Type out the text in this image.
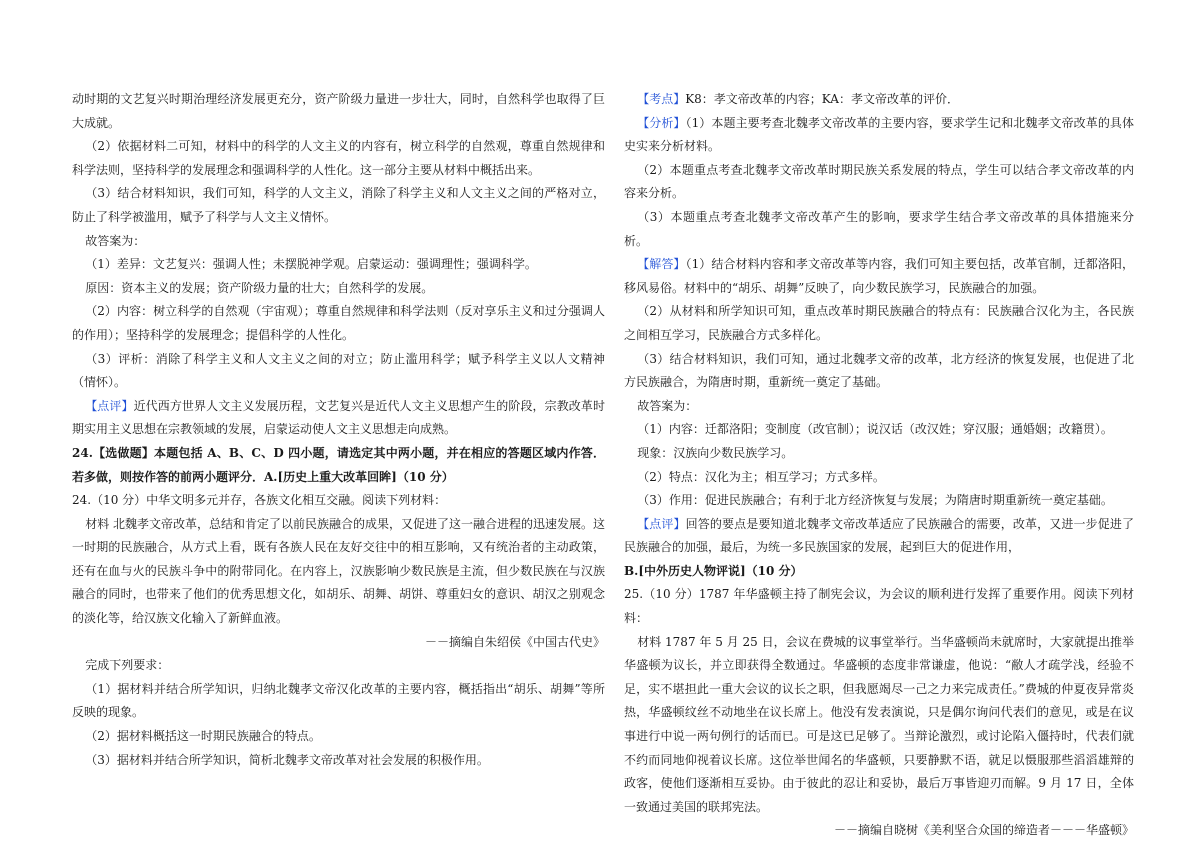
动时期的文艺复兴时期治理经济发展更充分，资产阶级力量进一步壮大，同时，自然科学也取得了巨大成就。

（2）依据材料二可知，材料中的科学的人文主义的内容有，树立科学的自然观，尊重自然规律和科学法则，坚持科学的发展理念和强调科学的人性化。这一部分主要从材料中概括出来。

（3）结合材料知识，我们可知，科学的人文主义，消除了科学主义和人文主义之间的严格对立，防止了科学被滥用，赋予了科学与人文主义情怀。

故答案为：

（1）差异：文艺复兴：强调人性；未摆脱神学观。启蒙运动：强调理性；强调科学。

原因：资本主义的发展；资产阶级力量的壮大；自然科学的发展。

（2）内容：树立科学的自然观（宇宙观）；尊重自然规律和科学法则（反对享乐主义和过分强调人的作用）；坚持科学的发展理念；提倡科学的人性化。

（3）评析：消除了科学主义和人文主义之间的对立；防止滥用科学；赋予科学主义以人文精神（情怀）。

【点评】近代西方世界人文主义发展历程，文艺复兴是近代人文主义思想产生的阶段，宗教改革时期实用主义思想在宗教领域的发展，启蒙运动使人文主义思想走向成熟。

24.【选做题】本题包括 A、B、C、D 四小题，请选定其中两小题，并在相应的答题区域内作答．若多做，则按作答的前两小题评分．A.[历史上重大改革回眸]（10 分）

24.（10 分）中华文明多元并存，各族文化相互交融。阅读下列材料：

材料 北魏孝文帝改革，总结和肯定了以前民族融合的成果，又促进了这一融合进程的迅速发展。这一时期的民族融合，从方式上看，既有各族人民在友好交往中的相互影响，又有统治者的主动政策，还有在血与火的民族斗争中的附带同化。在内容上，汉族影响少数民族是主流，但少数民族在与汉族融合的同时，也带来了他们的优秀思想文化，如胡乐、胡舞、胡饼、尊重妇女的意识、胡汉之别观念的淡化等，给汉族文化输入了新鲜血液。

－－摘编自朱绍侯《中国古代史》

完成下列要求：

（1）据材料并结合所学知识，归纳北魏孝文帝汉化改革的主要内容，概括指出“胡乐、胡舞”等所反映的现象。

（2）据材料概括这一时期民族融合的特点。

（3）据材料并结合所学知识，简析北魏孝文帝改革对社会发展的积极作用。

【考点】K8：孝文帝改革的内容；KA：孝文帝改革的评价．

【分析】（1）本题主要考查北魏孝文帝改革的主要内容，要求学生记和北魏孝文帝改革的具体史实来分析材料。

（2）本题重点考查北魏孝文帝改革时期民族关系发展的特点，学生可以结合孝文帝改革的内容来分析。

（3）本题重点考查北魏孝文帝改革产生的影响，要求学生结合孝文帝改革的具体措施来分析。

【解答】（1）结合材料内容和孝文帝改革等内容，我们可知主要包括，改革官制，迁都洛阳，移风易俗。材料中的“胡乐、胡舞”反映了，向少数民族学习，民族融合的加强。

（2）从材料和所学知识可知，重点改革时期民族融合的特点有：民族融合汉化为主，各民族之间相互学习，民族融合方式多样化。

（3）结合材料知识，我们可知，通过北魏孝文帝的改革，北方经济的恢复发展，也促进了北方民族融合，为隋唐时期，重新统一奠定了基础。

故答案为：

（1）内容：迁都洛阳；变制度（改官制）；说汉话（改汉姓；穿汉服；通婚姻；改籍贯）。

现象：汉族向少数民族学习。

（2）特点：汉化为主；相互学习；方式多样。

（3）作用：促进民族融合；有利于北方经济恢复与发展；为隋唐时期重新统一奠定基础。

【点评】回答的要点是要知道北魏孝文帝改革适应了民族融合的需要，改革，又进一步促进了民族融合的加强，最后，为统一多民族国家的发展，起到巨大的促进作用，

B.[中外历史人物评说]（10 分）

25.（10 分）1787 年华盛顿主持了制宪会议，为会议的顺利进行发挥了重要作用。阅读下列材料：

材料 1787 年 5 月 25 日，会议在费城的议事堂举行。当华盛顿尚未就席时，大家就提出推举华盛顿为议长，并立即获得全数通过。华盛顿的态度非常谦虚，他说：“敝人才疏学浅，经验不足，实不堪担此一重大会议的议长之职，但我愿竭尽一己之力来完成责任。”费城的仲夏夜异常炎热，华盛顿纹丝不动地坐在议长席上。他没有发表演说，只是偶尔询问代表们的意见，或是在议事进行中说一两句例行的话而已。可是这已足够了。当辩论激烈，或讨论陷入僵持时，代表们就不约而同地仰视着议长席。这位举世闻名的华盛顿，只要静默不语，就足以慑服那些滔滔雄辩的政客，使他们逐渐相互妥协。由于彼此的忍让和妥协，最后万事皆迎刃而解。9 月 17 日，全体一致通过美国的联邦宪法。

－－摘编自晓树《美利坚合众国的缔造者－－－华盛顿》
